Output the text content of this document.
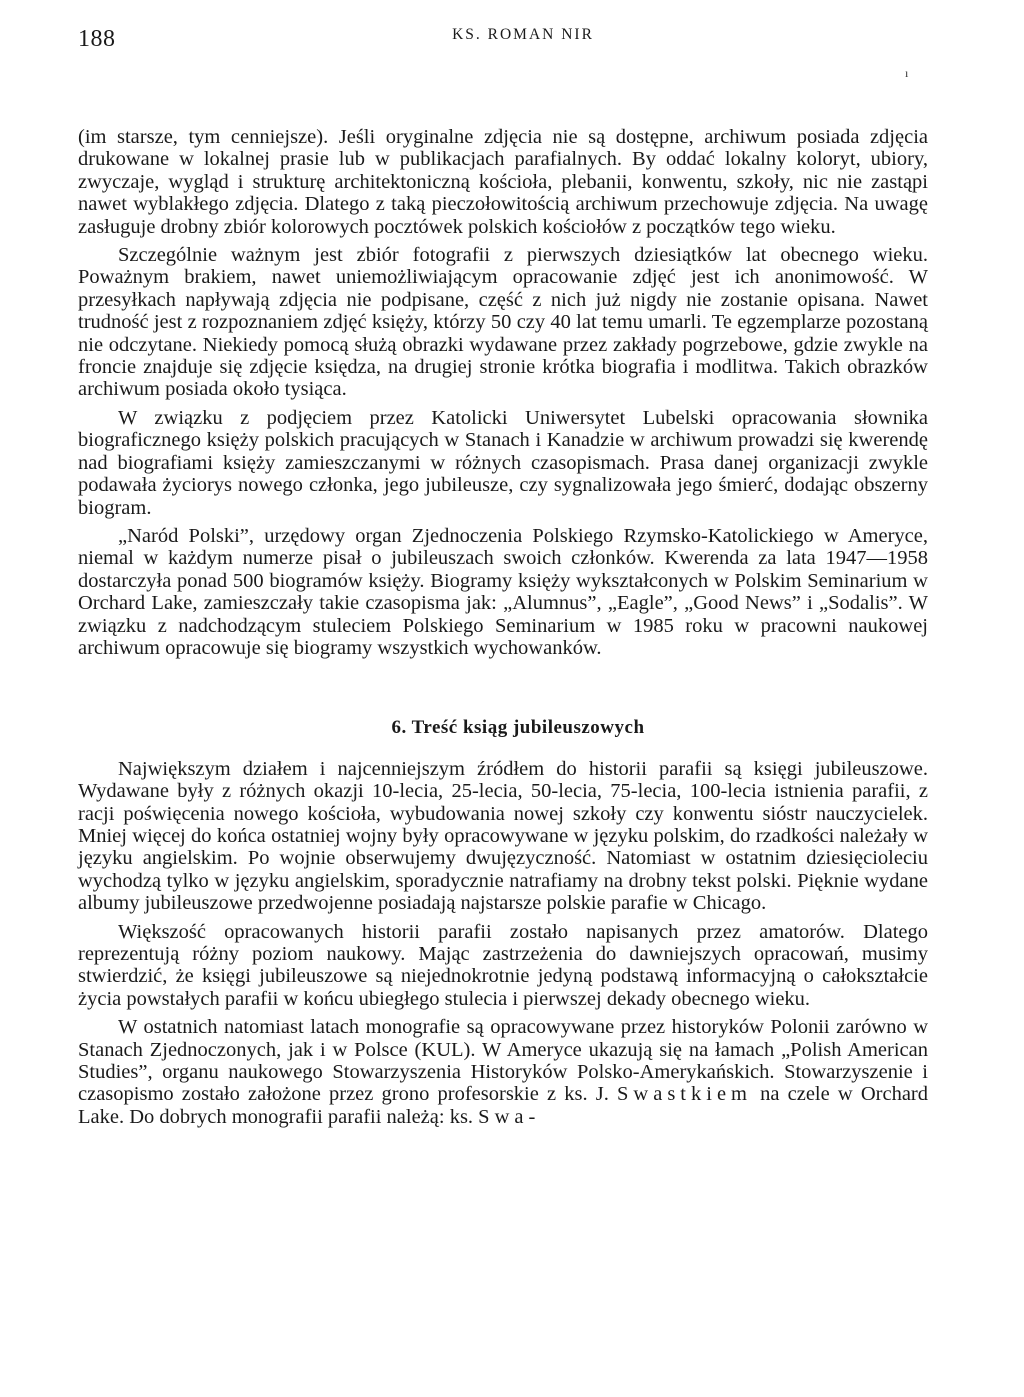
188	KS. ROMAN NIR
ı

(im starsze, tym cenniejsze). Jeśli oryginalne zdjęcia nie są dostępne, archiwum posiada zdjęcia drukowane w lokalnej prasie lub w publikacjach parafialnych. By oddać lokalny koloryt, ubiory, zwyczaje, wygląd i strukturę architektoniczną kościoła, plebanii, konwentu, szkoły, nic nie zastąpi nawet wyblakłego zdjęcia. Dlatego z taką pieczołowitością archiwum przechowuje zdjęcia. Na uwagę zasługuje drobny zbiór kolorowych pocztówek polskich kościołów z początków tego wieku.

Szczególnie ważnym jest zbiór fotografii z pierwszych dziesiątków lat obecnego wieku. Poważnym brakiem, nawet uniemożliwiającym opracowanie zdjęć jest ich anonimowość. W przesyłkach napływają zdjęcia nie podpisane, część z nich już nigdy nie zostanie opisana. Nawet trudność jest z rozpoznaniem zdjęć księży, którzy 50 czy 40 lat temu umarli. Te egzemplarze pozostaną nie odczytane. Niekiedy pomocą służą obrazki wydawane przez zakłady pogrzebowe, gdzie zwykle na froncie znajduje się zdjęcie księdza, na drugiej stronie krótka biografia i modlitwa. Takich obrazków archiwum posiada około tysiąca.

W związku z podjęciem przez Katolicki Uniwersytet Lubelski opracowania słownika biograficznego księży polskich pracujących w Stanach i Kanadzie w archiwum prowadzi się kwerendę nad biografiami księży zamieszczanymi w różnych czasopismach. Prasa danej organizacji zwykle podawała życiorys nowego członka, jego jubileusze, czy sygnalizowała jego śmierć, dodając obszerny biogram.

„Naród Polski”, urzędowy organ Zjednoczenia Polskiego Rzymsko-Katolickiego w Ameryce, niemal w każdym numerze pisał o jubileuszach swoich członków. Kwerenda za lata 1947—1958 dostarczyła ponad 500 biogramów księży. Biogramy księży wykształconych w Polskim Seminarium w Orchard Lake, zamieszczały takie czasopisma jak: „Alumnus”, „Eagle”, „Good News” i „Sodalis”. W związku z nadchodzącym stuleciem Polskiego Seminarium w 1985 roku w pracowni naukowej archiwum opracowuje się biogramy wszystkich wychowanków.

6. Treść ksiąg jubileuszowych

Największym działem i najcenniejszym źródłem do historii parafii są księgi jubileuszowe. Wydawane były z różnych okazji 10-lecia, 25-lecia, 50-lecia, 75-lecia, 100-lecia istnienia parafii, z racji poświęcenia nowego kościoła, wybudowania nowej szkoły czy konwentu sióstr nauczycielek. Mniej więcej do końca ostatniej wojny były opracowywane w języku polskim, do rzadkości należały w języku angielskim. Po wojnie obserwujemy dwujęzyczność. Natomiast w ostatnim dziesięcioleciu wychodzą tylko w języku angielskim, sporadycznie natrafiamy na drobny tekst polski. Pięknie wydane albumy jubileuszowe przedwojenne posiadają najstarsze polskie parafie w Chicago.

Większość opracowanych historii parafii zostało napisanych przez amatorów. Dlatego reprezentują różny poziom naukowy. Mając zastrzeżenia do dawniejszych opracowań, musimy stwierdzić, że księgi jubileuszowe są niejednokrotnie jedyną podstawą informacyjną o całokształcie życia powstałych parafii w końcu ubiegłego stulecia i pierwszej dekady obecnego wieku.

W ostatnich natomiast latach monografie są opracowywane przez historyków Polonii zarówno w Stanach Zjednoczonych, jak i w Polsce (KUL). W Ameryce ukazują się na łamach „Polish American Studies”, organu naukowego Stowarzyszenia Historyków Polsko-Amerykańskich. Stowarzyszenie i czasopismo zostało założone przez grono profesorskie z ks. J. Swastkiem na czele w Orchard Lake. Do dobrych monografii parafii należą: ks. Swa-
